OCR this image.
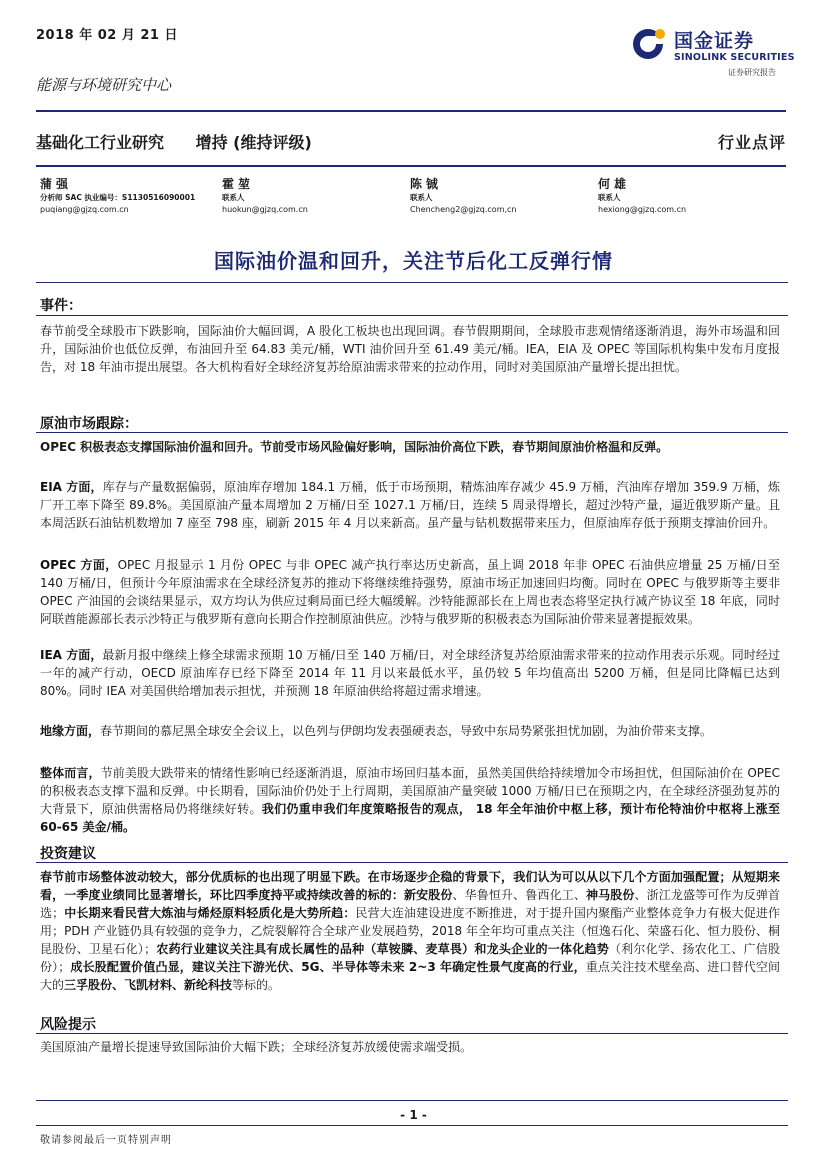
2018 年 02 月 21 日	国金证券
SINOLINK SECURITIES
证券研究报告
能源与环境研究中心
基础化工行业研究 增持 (维持评级)	行业点评
蒲强
分析师 SAC 执业编号：S1130516090001
puqiang@gjzq.com.cn
霍堃
联系人
huokun@gjzq.com.cn
陈铖
联系人
Chencheng2@gjzq.com,cn
何雄
联系人
hexiong@gjzq.com.cn
国际油价温和回升，关注节后化工反弹行情
事件：
春节前受全球股市下跌影响，国际油价大幅回调，A 股化工板块也出现回调。春节假期期间，全球股市悲观情绪逐渐消退，海外市场温和回升，国际油价也低位反弹，布油回升至 64.83 美元/桶，WTI 油价回升至 61.49 美元/桶。IEA，EIA 及 OPEC 等国际机构集中发布月度报告，对 18 年油市提出展望。各大机构看好全球经济复苏给原油需求带来的拉动作用，同时对美国原油产量增长提出担忧。
原油市场跟踪：
OPEC 积极表态支撑国际油价温和回升。节前受市场风险偏好影响，国际油价高位下跌，春节期间原油价格温和反弹。
EIA 方面，库存与产量数据偏弱，原油库存增加 184.1 万桶，低于市场预期，精炼油库存减少 45.9 万桶，汽油库存增加 359.9 万桶，炼厂开工率下降至 89.8%。美国原油产量本周增加 2 万桶/日至 1027.1 万桶/日，连续 5 周录得增长，超过沙特产量，逼近俄罗斯产量。且本周活跃石油钻机数增加 7 座至 798 座，刷新 2015 年 4 月以来新高。虽产量与钻机数据带来压力，但原油库存低于预期支撑油价回升。
OPEC 方面，OPEC 月报显示 1 月份 OPEC 与非 OPEC 减产执行率达历史新高，虽上调 2018 年非 OPEC 石油供应增量 25 万桶/日至 140 万桶/日，但预计今年原油需求在全球经济复苏的推动下将继续维持强势，原油市场正加速回归均衡。同时在 OPEC 与俄罗斯等主要非 OPEC 产油国的会谈结果显示，双方均认为供应过剩局面已经大幅缓解。沙特能源部长在上周也表态将坚定执行减产协议至 18 年底，同时阿联酋能源部长表示沙特正与俄罗斯有意向长期合作控制原油供应。沙特与俄罗斯的积极表态为国际油价带来显著提振效果。
IEA 方面，最新月报中继续上修全球需求预期 10 万桶/日至 140 万桶/日，对全球经济复苏给原油需求带来的拉动作用表示乐观。同时经过一年的减产行动，OECD 原油库存已经下降至 2014 年 11 月以来最低水平，虽仍较 5 年均值高出 5200 万桶，但是同比降幅已达到 80%。同时 IEA 对美国供给增加表示担忧，并预测 18 年原油供给将超过需求增速。
地缘方面，春节期间的慕尼黑全球安全会议上，以色列与伊朗均发表强硬表态，导致中东局势紧张担忧加剧，为油价带来支撑。
整体而言，节前美股大跌带来的情绪性影响已经逐渐消退，原油市场回归基本面，虽然美国供给持续增加令市场担忧，但国际油价在 OPEC 的积极表态支撑下温和反弹。中长期看，国际油价仍处于上行周期，美国原油产量突破 1000 万桶/日已在预期之内，在全球经济强劲复苏的大背景下，原油供需格局仍将继续好转。我们仍重申我们年度策略报告的观点， 18 年全年油价中枢上移，预计布伦特油价中枢将上涨至 60-65 美金/桶。
投资建议
春节前市场整体波动较大，部分优质标的也出现了明显下跌。在市场逐步企稳的背景下，我们认为可以从以下几个方面加强配置；从短期来看，一季度业绩同比显著增长，环比四季度持平或持续改善的标的：新安股份、华鲁恒升、鲁西化工、神马股份、浙江龙盛等可作为反弹首选；中长期来看民营大炼油与烯烃原料轻质化是大势所趋：民营大连油建设进度不断推进，对于提升国内聚酯产业整体竞争力有极大促进作用；PDH 产业链仍具有较强的竞争力，乙烷裂解符合全球产业发展趋势，2018 年全年均可重点关注（恒逸石化、荣盛石化、恒力股份、桐昆股份、卫星石化）；农药行业建议关注具有成长属性的品种（草铵膦、麦草畏）和龙头企业的一体化趋势（利尔化学、扬农化工、广信股份）；成长股配置价值凸显，建议关注下游光伏、5G、半导体等未来 2~3 年确定性景气度高的行业，重点关注技术壁垒高、进口替代空间大的三孚股份、飞凯材料、新纶科技等标的。
风险提示
美国原油产量增长提速导致国际油价大幅下跌；全球经济复苏放缓使需求端受损。
- 1 -
敬请参阅最后一页特别声明
